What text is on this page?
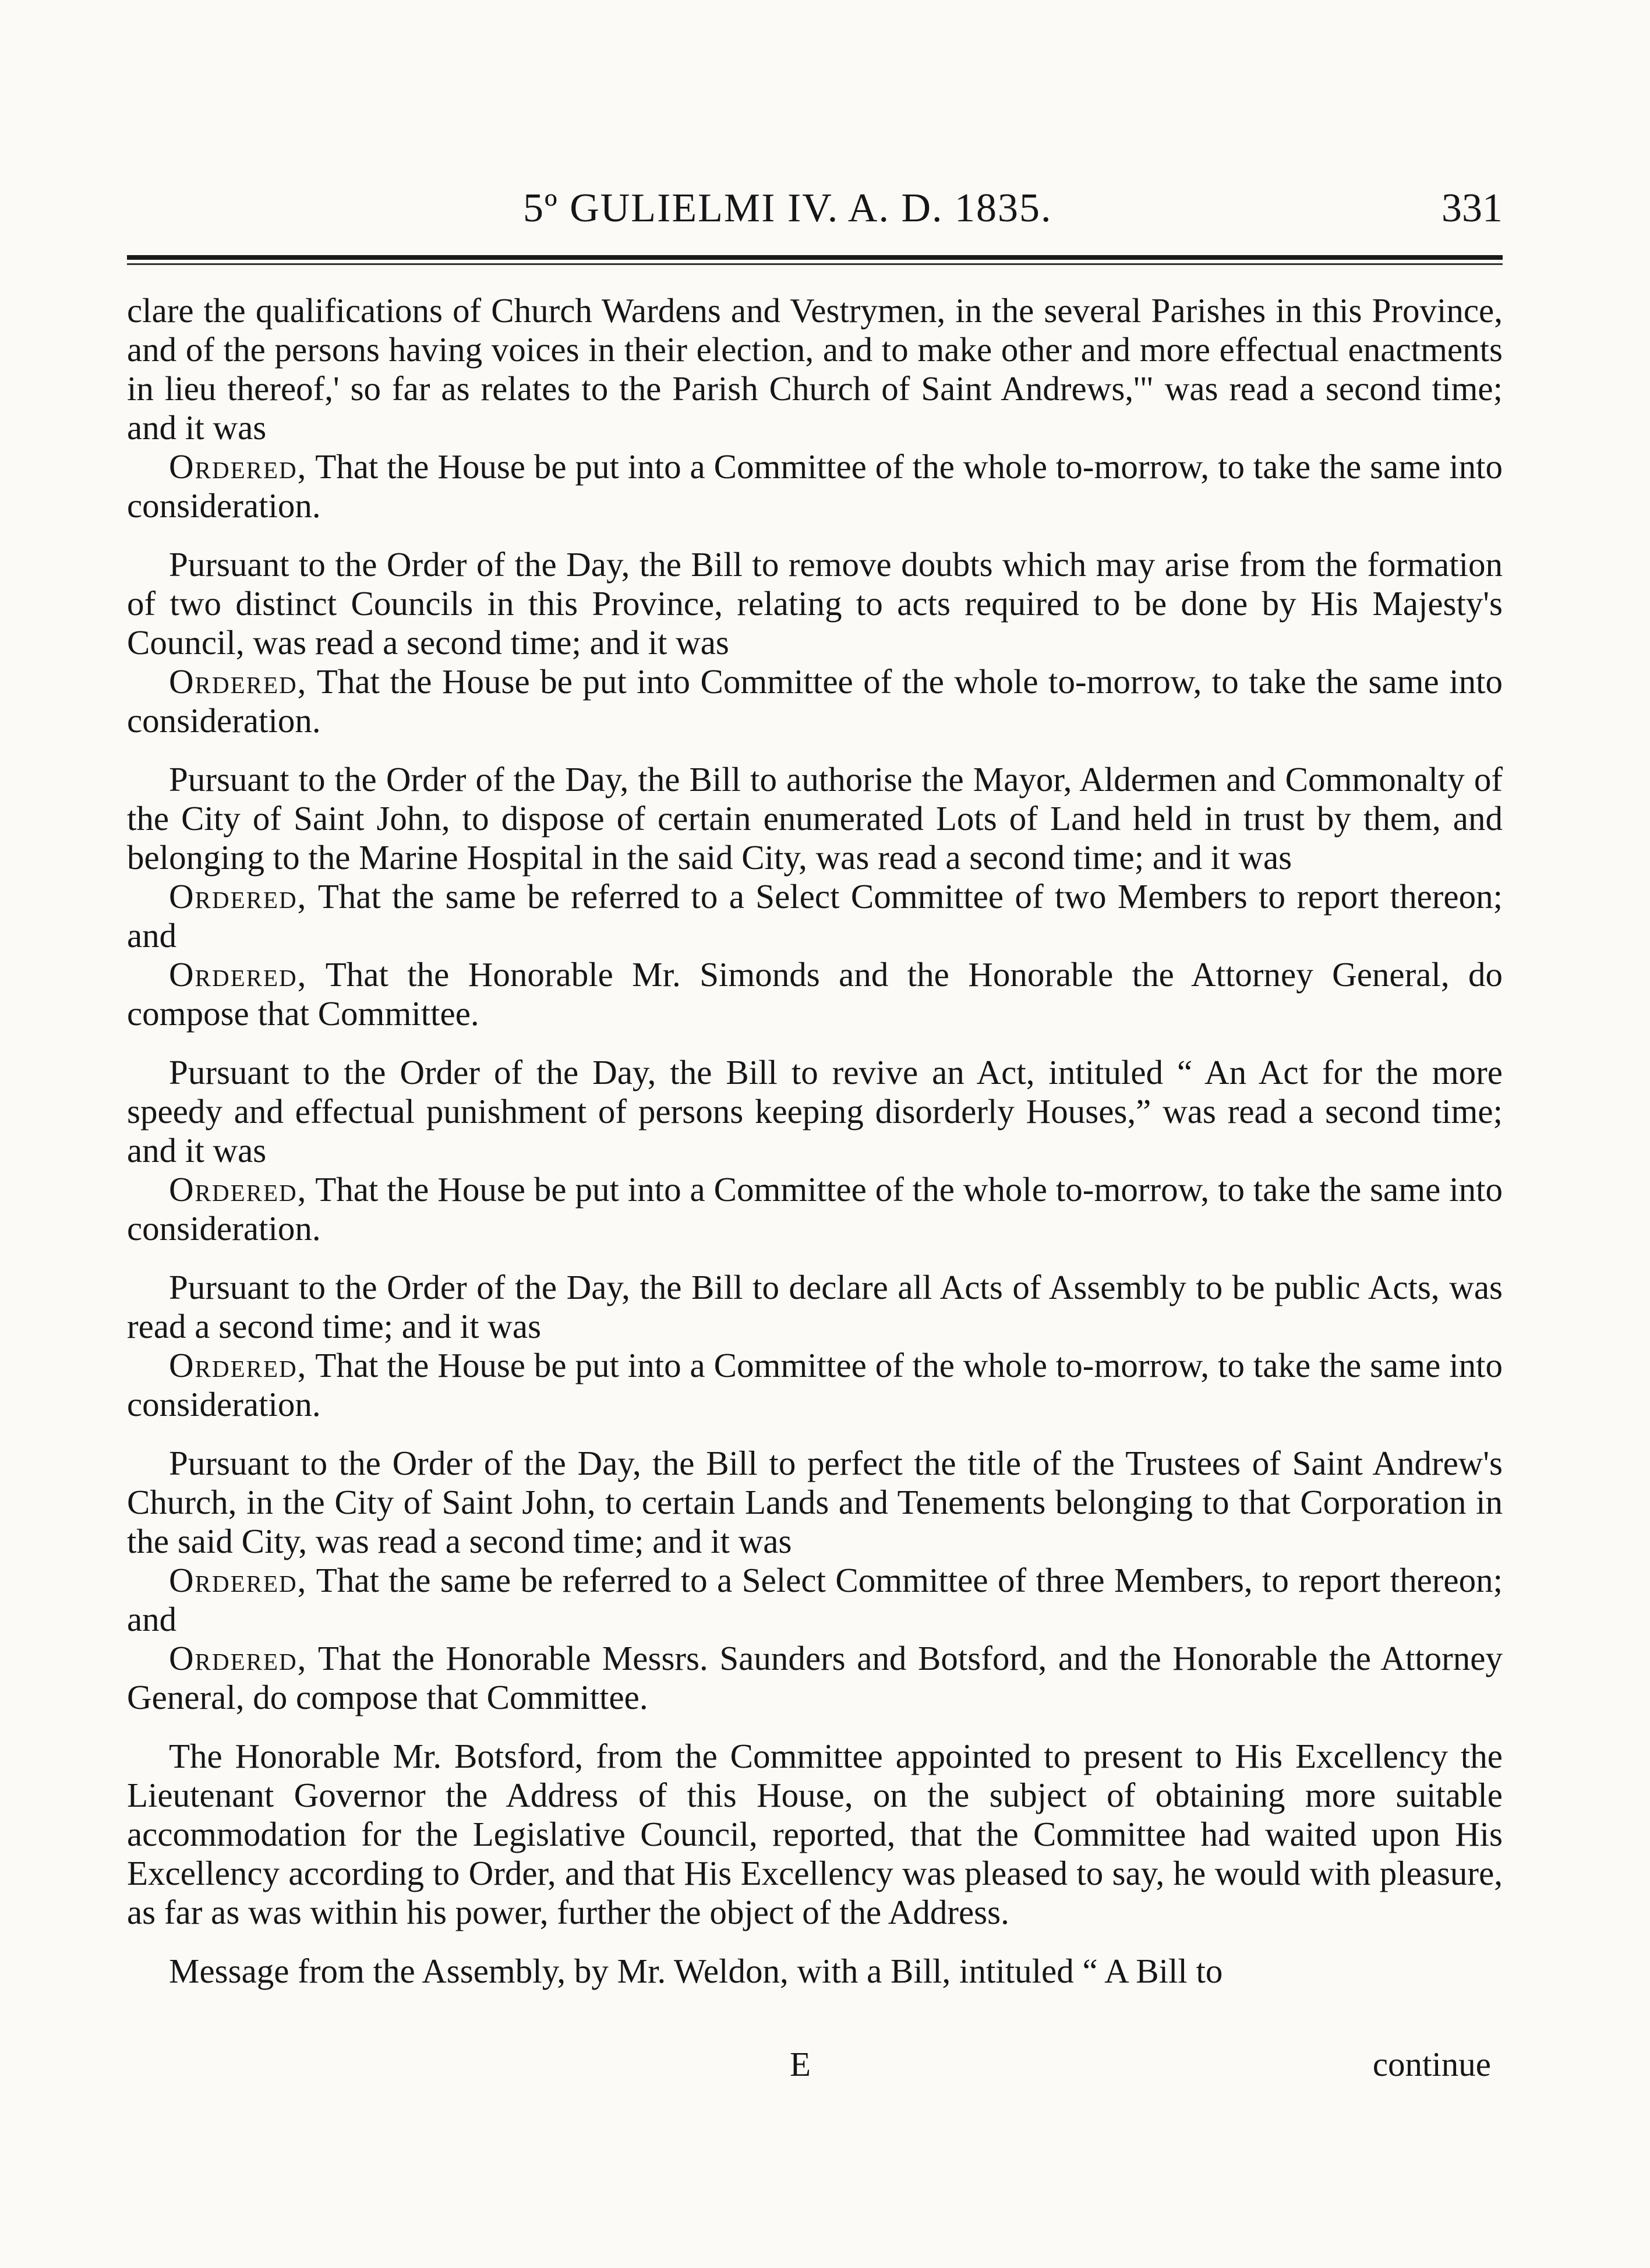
5º GULIELMI IV. A. D. 1835.	331

clare the qualifications of Church Wardens and Vestrymen, in the several Parishes in this Province, and of the persons having voices in their election, and to make other and more effectual enactments in lieu thereof,' so far as relates to the Parish Church of Saint Andrews,'" was read a second time; and it was

Ordered, That the House be put into a Committee of the whole to-morrow, to take the same into consideration.

Pursuant to the Order of the Day, the Bill to remove doubts which may arise from the formation of two distinct Councils in this Province, relating to acts required to be done by His Majesty's Council, was read a second time; and it was

Ordered, That the House be put into Committee of the whole to-morrow, to take the same into consideration.

Pursuant to the Order of the Day, the Bill to authorise the Mayor, Aldermen and Commonalty of the City of Saint John, to dispose of certain enumerated Lots of Land held in trust by them, and belonging to the Marine Hospital in the said City, was read a second time; and it was

Ordered, That the same be referred to a Select Committee of two Members to report thereon; and

Ordered, That the Honorable Mr. Simonds and the Honorable the Attorney General, do compose that Committee.

Pursuant to the Order of the Day, the Bill to revive an Act, intituled “ An Act for the more speedy and effectual punishment of persons keeping disorderly Houses,” was read a second time; and it was

Ordered, That the House be put into a Committee of the whole to-morrow, to take the same into consideration.

Pursuant to the Order of the Day, the Bill to declare all Acts of Assembly to be public Acts, was read a second time; and it was

Ordered, That the House be put into a Committee of the whole to-morrow, to take the same into consideration.

Pursuant to the Order of the Day, the Bill to perfect the title of the Trustees of Saint Andrew's Church, in the City of Saint John, to certain Lands and Tenements belonging to that Corporation in the said City, was read a second time; and it was

Ordered, That the same be referred to a Select Committee of three Members, to report thereon; and

Ordered, That the Honorable Messrs. Saunders and Botsford, and the Honorable the Attorney General, do compose that Committee.

The Honorable Mr. Botsford, from the Committee appointed to present to His Excellency the Lieutenant Governor the Address of this House, on the subject of obtaining more suitable accommodation for the Legislative Council, reported, that the Committee had waited upon His Excellency according to Order, and that His Excellency was pleased to say, he would with pleasure, as far as was within his power, further the object of the Address.

Message from the Assembly, by Mr. Weldon, with a Bill, intituled “ A Bill to

E	continue
